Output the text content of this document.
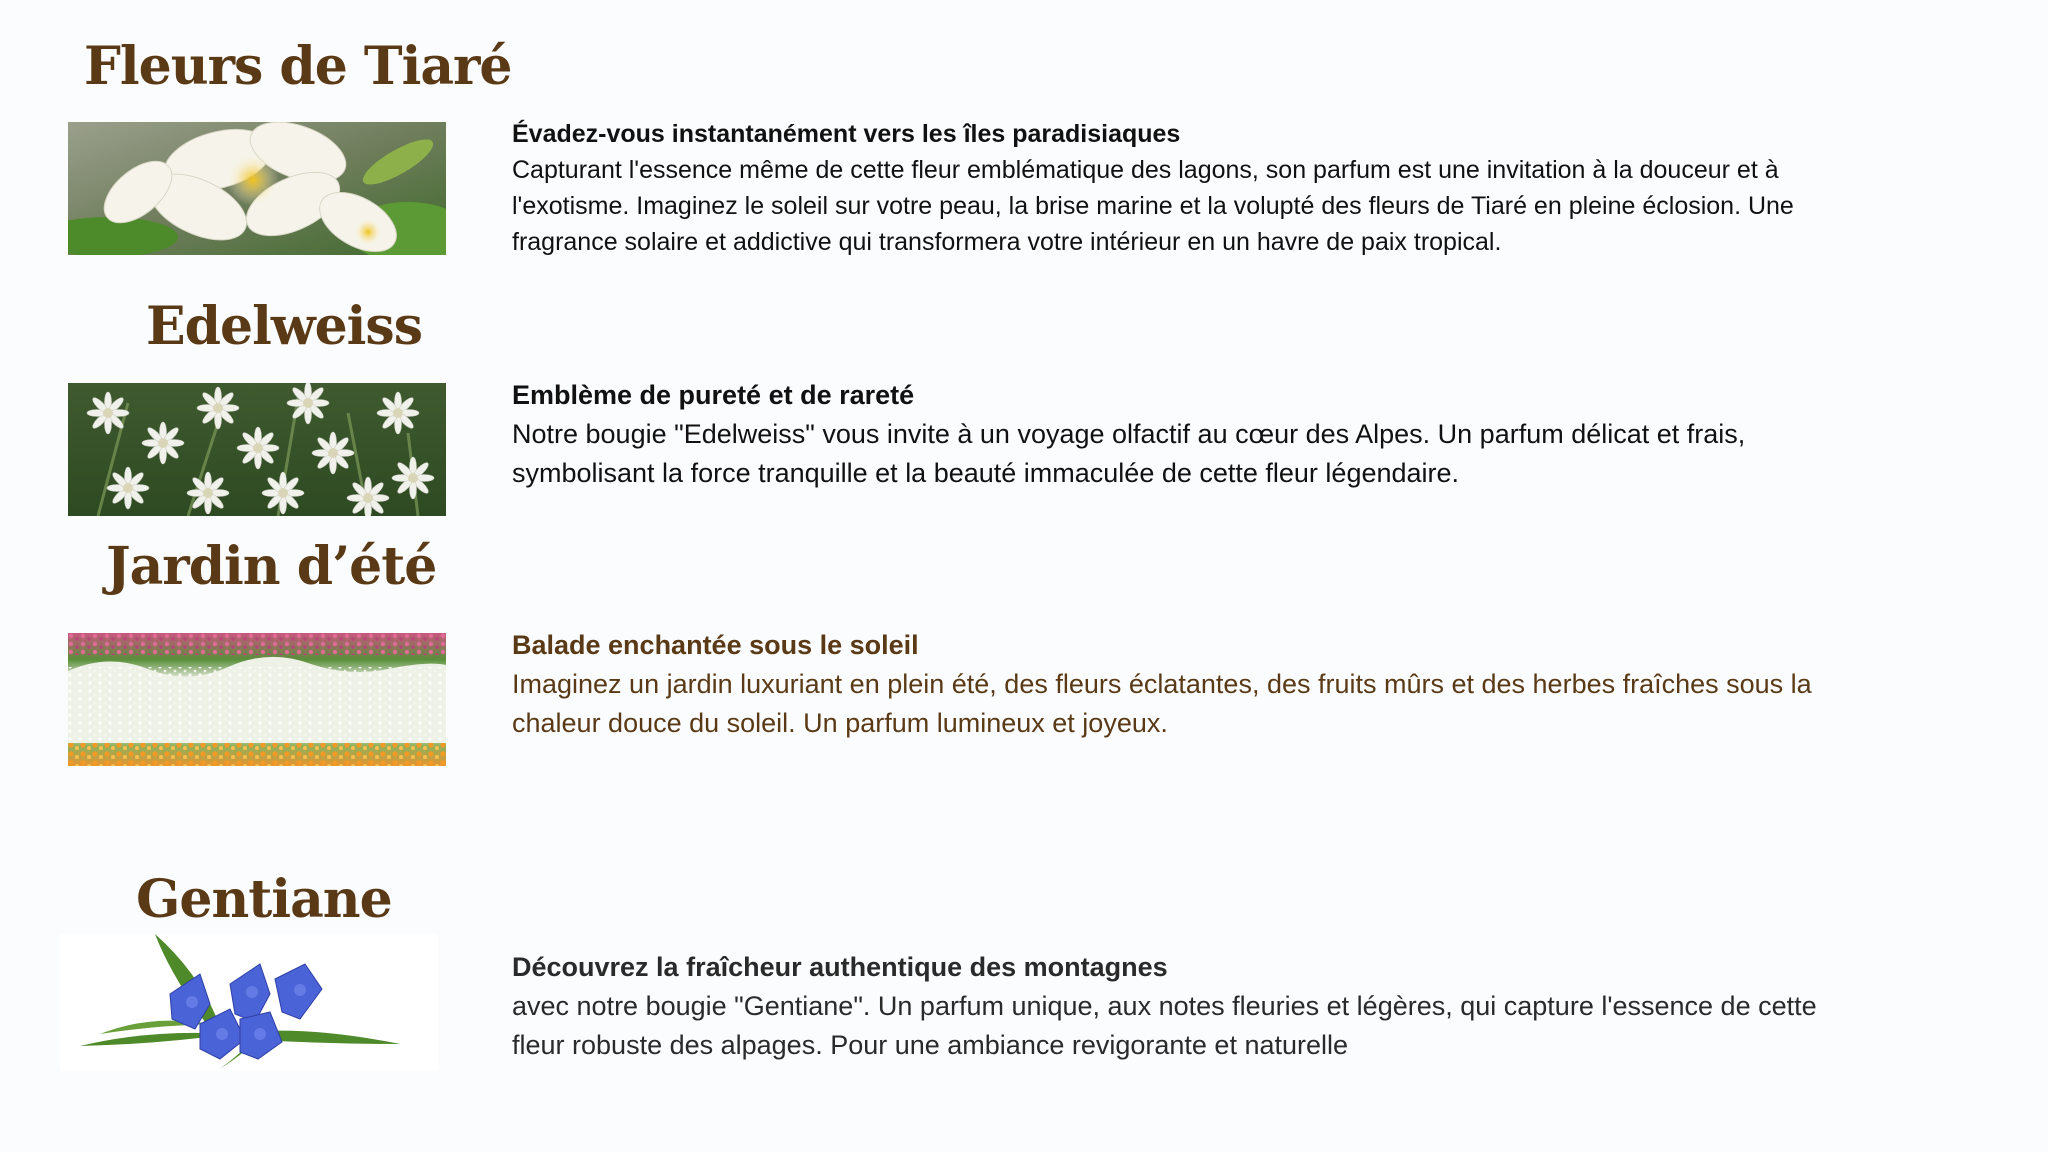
Fleurs de Tiaré
Évadez-vous instantanément vers les îles paradisiaques
Capturant l'essence même de cette fleur emblématique des lagons, son parfum est une invitation à la douceur et à l'exotisme. Imaginez le soleil sur votre peau, la brise marine et la volupté des fleurs de Tiaré en pleine éclosion. Une fragrance solaire et addictive qui transformera votre intérieur en un havre de paix tropical.
Edelweiss
Emblème de pureté et de rareté
Notre bougie "Edelweiss" vous invite à un voyage olfactif au cœur des Alpes. Un parfum délicat et frais, symbolisant la force tranquille et la beauté immaculée de cette fleur légendaire.
Jardin d’été
Balade enchantée sous le soleil
Imaginez un jardin luxuriant en plein été, des fleurs éclatantes, des fruits mûrs et des herbes fraîches sous la chaleur douce du soleil. Un parfum lumineux et joyeux.
Gentiane
Découvrez la fraîcheur authentique des montagnes
avec notre bougie "Gentiane". Un parfum unique, aux notes fleuries et légères, qui capture l'essence de cette fleur robuste des alpages. Pour une ambiance revigorante et naturelle
